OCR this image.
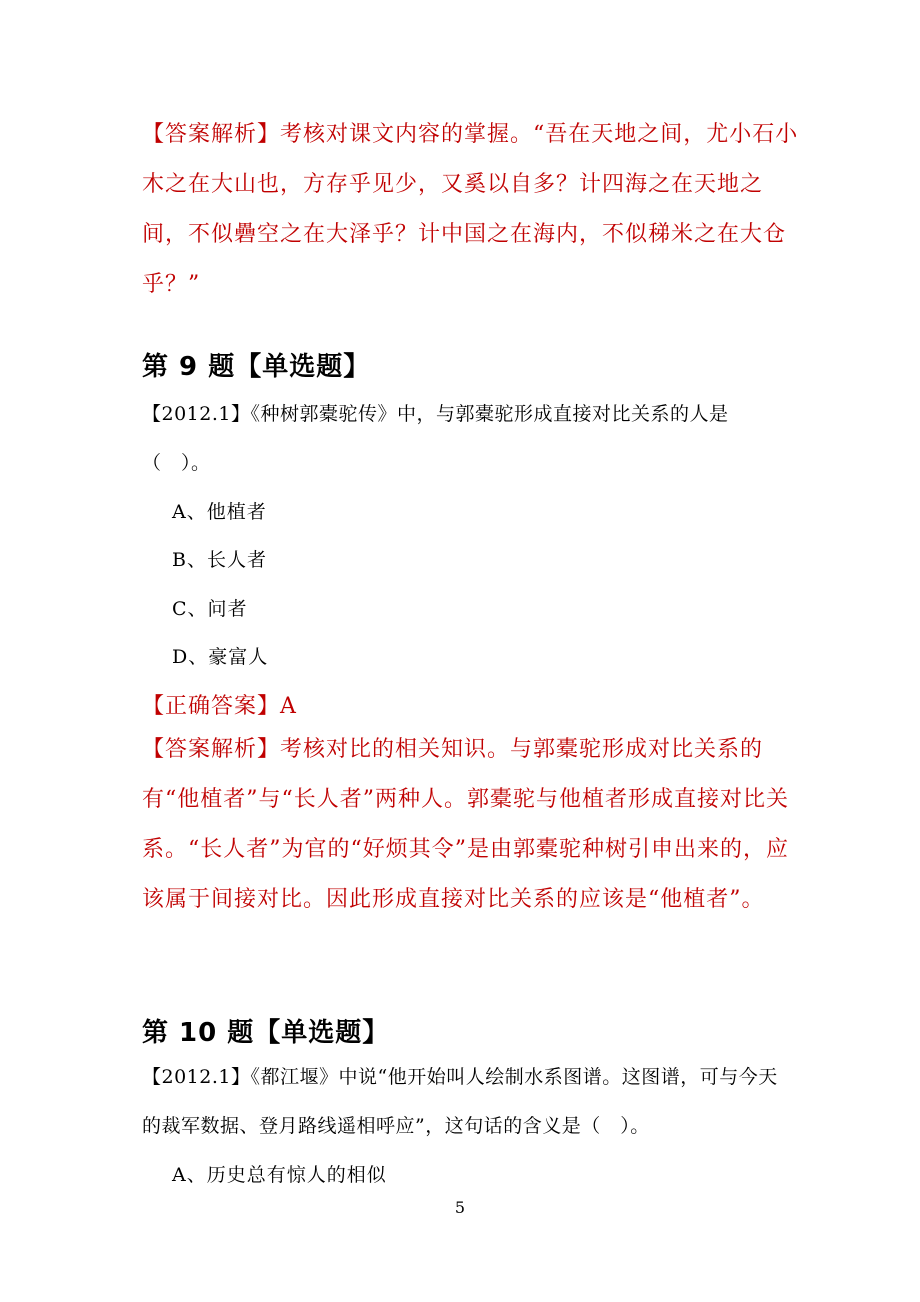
【答案解析】考核对课文内容的掌握。“吾在天地之间，尤小石小木之在大山也，方存乎见少，又奚以自多？计四海之在天地之间，不似礨空之在大泽乎？计中国之在海内，不似稊米之在大仓乎？”
第 9 题【单选题】
【2012.1】《种树郭橐驼传》中，与郭橐驼形成直接对比关系的人是（　）。
A、他植者
B、长人者
C、问者
D、豪富人
【正确答案】A
【答案解析】考核对比的相关知识。与郭橐驼形成对比关系的有“他植者”与“长人者”两种人。郭橐驼与他植者形成直接对比关系。“长人者”为官的“好烦其令”是由郭橐驼种树引申出来的，应该属于间接对比。因此形成直接对比关系的应该是“他植者”。
第 10 题【单选题】
【2012.1】《都江堰》中说“他开始叫人绘制水系图谱。这图谱，可与今天的裁军数据、登月路线遥相呼应”，这句话的含义是（　）。
A、历史总有惊人的相似
5
